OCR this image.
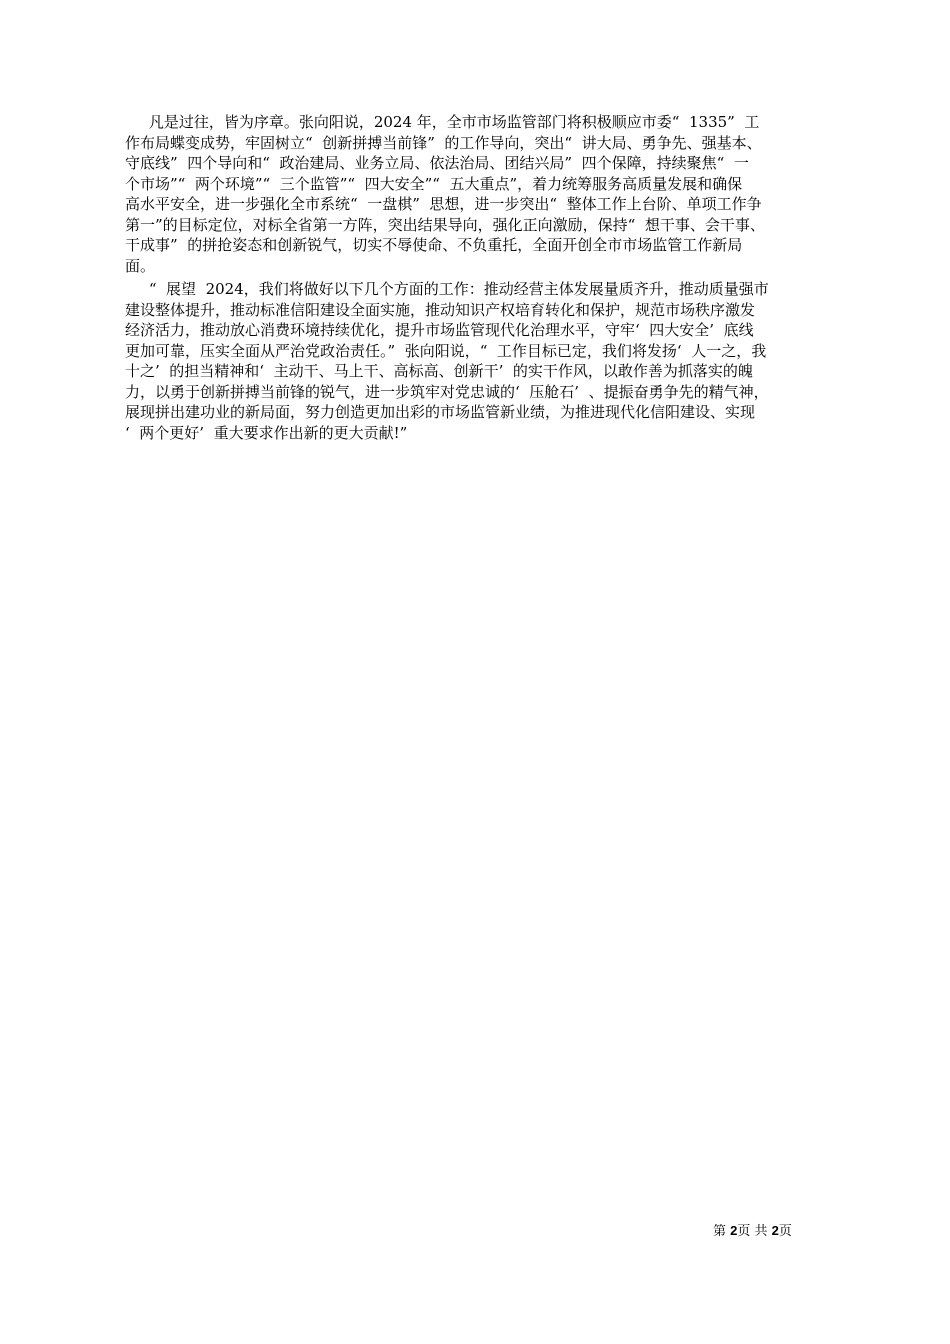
凡是过往，皆为序章。张向阳说，2024 年，全市市场监管部门将积极顺应市委“  1335”  工
作布局蝶变成势，牢固树立“  创新拼搏当前锋”  的工作导向，突出“  讲大局、勇争先、强基本、
守底线”  四个导向和“  政治建局、业务立局、依法治局、团结兴局”  四个保障，持续聚焦“  一
个市场”“  两个环境”“  三个监管”“  四大安全”“  五大重点”，着力统筹服务高质量发展和确保
高水平安全，进一步强化全市系统“  一盘棋”  思想，进一步突出“  整体工作上台阶、单项工作争
第一”的目标定位，对标全省第一方阵，突出结果导向，强化正向激励，保持“  想干事、会干事、
干成事”  的拼抢姿态和创新锐气，切实不辱使命、不负重托，全面开创全市市场监管工作新局
面。
“  展望  2024，我们将做好以下几个方面的工作：推动经营主体发展量质齐升，推动质量强市
建设整体提升，推动标准信阳建设全面实施，推动知识产权培育转化和保护，规范市场秩序激发
经济活力，推动放心消费环境持续优化，提升市场监管现代化治理水平，守牢‘  四大安全’  底线
更加可靠，压实全面从严治党政治责任。”  张向阳说，“  工作目标已定，我们将发扬‘  人一之，我
十之’  的担当精神和‘  主动干、马上干、高标高、创新干’  的实干作风，以敢作善为抓落实的魄
力，以勇于创新拼搏当前锋的锐气，进一步筑牢对党忠诚的‘  压舱石’  、提振奋勇争先的精气神，
展现拼出建功业的新局面，努力创造更加出彩的市场监管新业绩，为推进现代化信阳建设、实现
‘  两个更好’  重大要求作出新的更大贡献!”
第 2页 共 2页
